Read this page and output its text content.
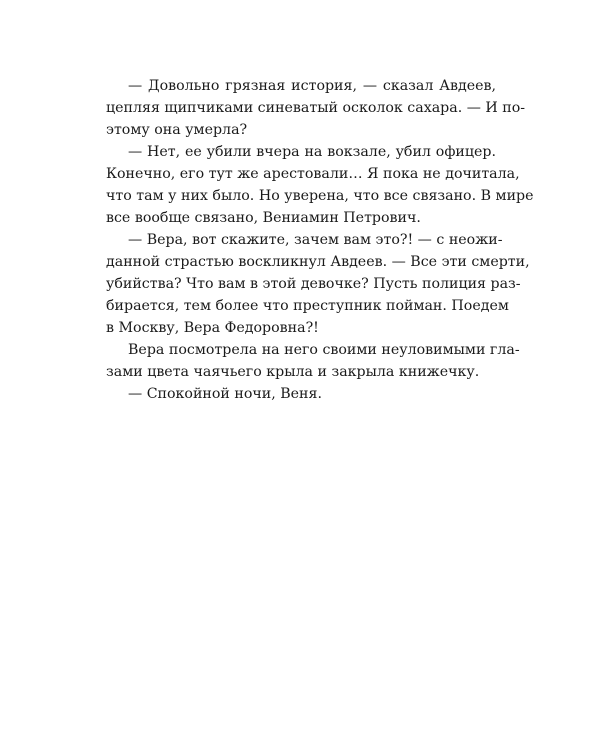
— Довольно грязная история, — сказал Авдеев,
цепляя щипчиками синеватый осколок сахара. — И по-
этому она умерла?
— Нет, ее убили вчера на вокзале, убил офицер.
Конечно, его тут же арестовали… Я пока не дочитала,
что там у них было. Но уверена, что все связано. В мире
все вообще связано, Вениамин Петрович.
— Вера, вот скажите, зачем вам это?! — с неожи-
данной страстью воскликнул Авдеев. — Все эти смерти,
убийства? Что вам в этой девочке? Пусть полиция раз-
бирается, тем более что преступник пойман. Поедем
в Москву, Вера Федоровна?!
Вера посмотрела на него своими неуловимыми гла-
зами цвета чаячьего крыла и закрыла книжечку.
— Спокойной ночи, Веня.
